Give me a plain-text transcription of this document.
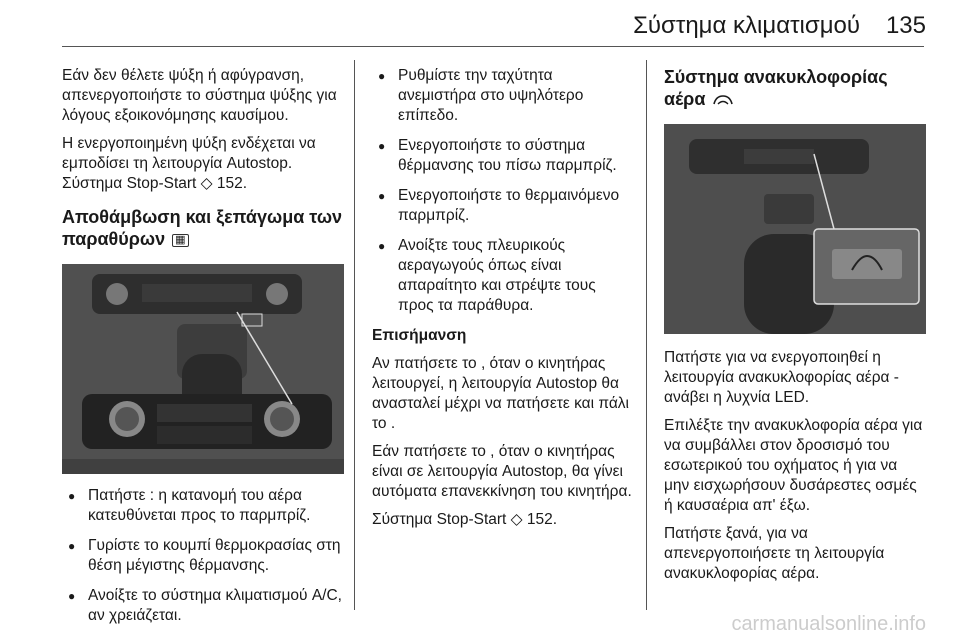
Σύστημα κλιματισμού 135

Εάν δεν θέλετε ψύξη ή αφύγρανση, απενεργοποιήστε το σύστημα ψύξης για λόγους εξοικονόμησης καυσίμου.

Η ενεργοποιημένη ψύξη ενδέχεται να εμποδίσει τη λειτουργία Autostop.

Σύστημα Stop-Start ◇ 152.

Αποθάμβωση και ξεπάγωμα των παραθύρων ▦
● Πατήστε : η κατανομή του αέρα κατευθύνεται προς το παρμπρίζ.
● Γυρίστε το κουμπί θερμοκρασίας στη θέση μέγιστης θέρμανσης.
● Ανοίξτε το σύστημα κλιματισμού A/C, αν χρειάζεται.
● Ρυθμίστε την ταχύτητα ανεμιστήρα στο υψηλότερο επίπεδο.
● Ενεργοποιήστε το σύστημα θέρμανσης του πίσω παρμπρίζ.
● Ενεργοποιήστε το θερμαινόμενο παρμπρίζ.
● Ανοίξτε τους πλευρικούς αεραγωγούς όπως είναι απαραίτητο και στρέψτε τους προς τα παράθυρα.

Επισήμανση

Αν πατήσετε το , όταν ο κινητήρας λειτουργεί, η λειτουργία Autostop θα ανασταλεί μέχρι να πατήσετε και πάλι το .

Εάν πατήσετε το , όταν ο κινητήρας είναι σε λειτουργία Autostop, θα γίνει αυτόματα επανεκκίνηση του κινητήρα.

Σύστημα Stop-Start ◇ 152.

Σύστημα ανακυκλοφορίας αέρα

Πατήστε για να ενεργοποιηθεί η λειτουργία ανακυκλοφορίας αέρα - ανάβει η λυχνία LED.

Επιλέξτε την ανακυκλοφορία αέρα για να συμβάλλει στον δροσισμό του εσωτερικού του οχήματος ή για να μην εισχωρήσουν δυσάρεστες οσμές ή καυσαέρια απ' έξω.

Πατήστε ξανά, για να απενεργοποιήσετε τη λειτουργία ανακυκλοφορίας αέρα.

carmanualsonline.info
